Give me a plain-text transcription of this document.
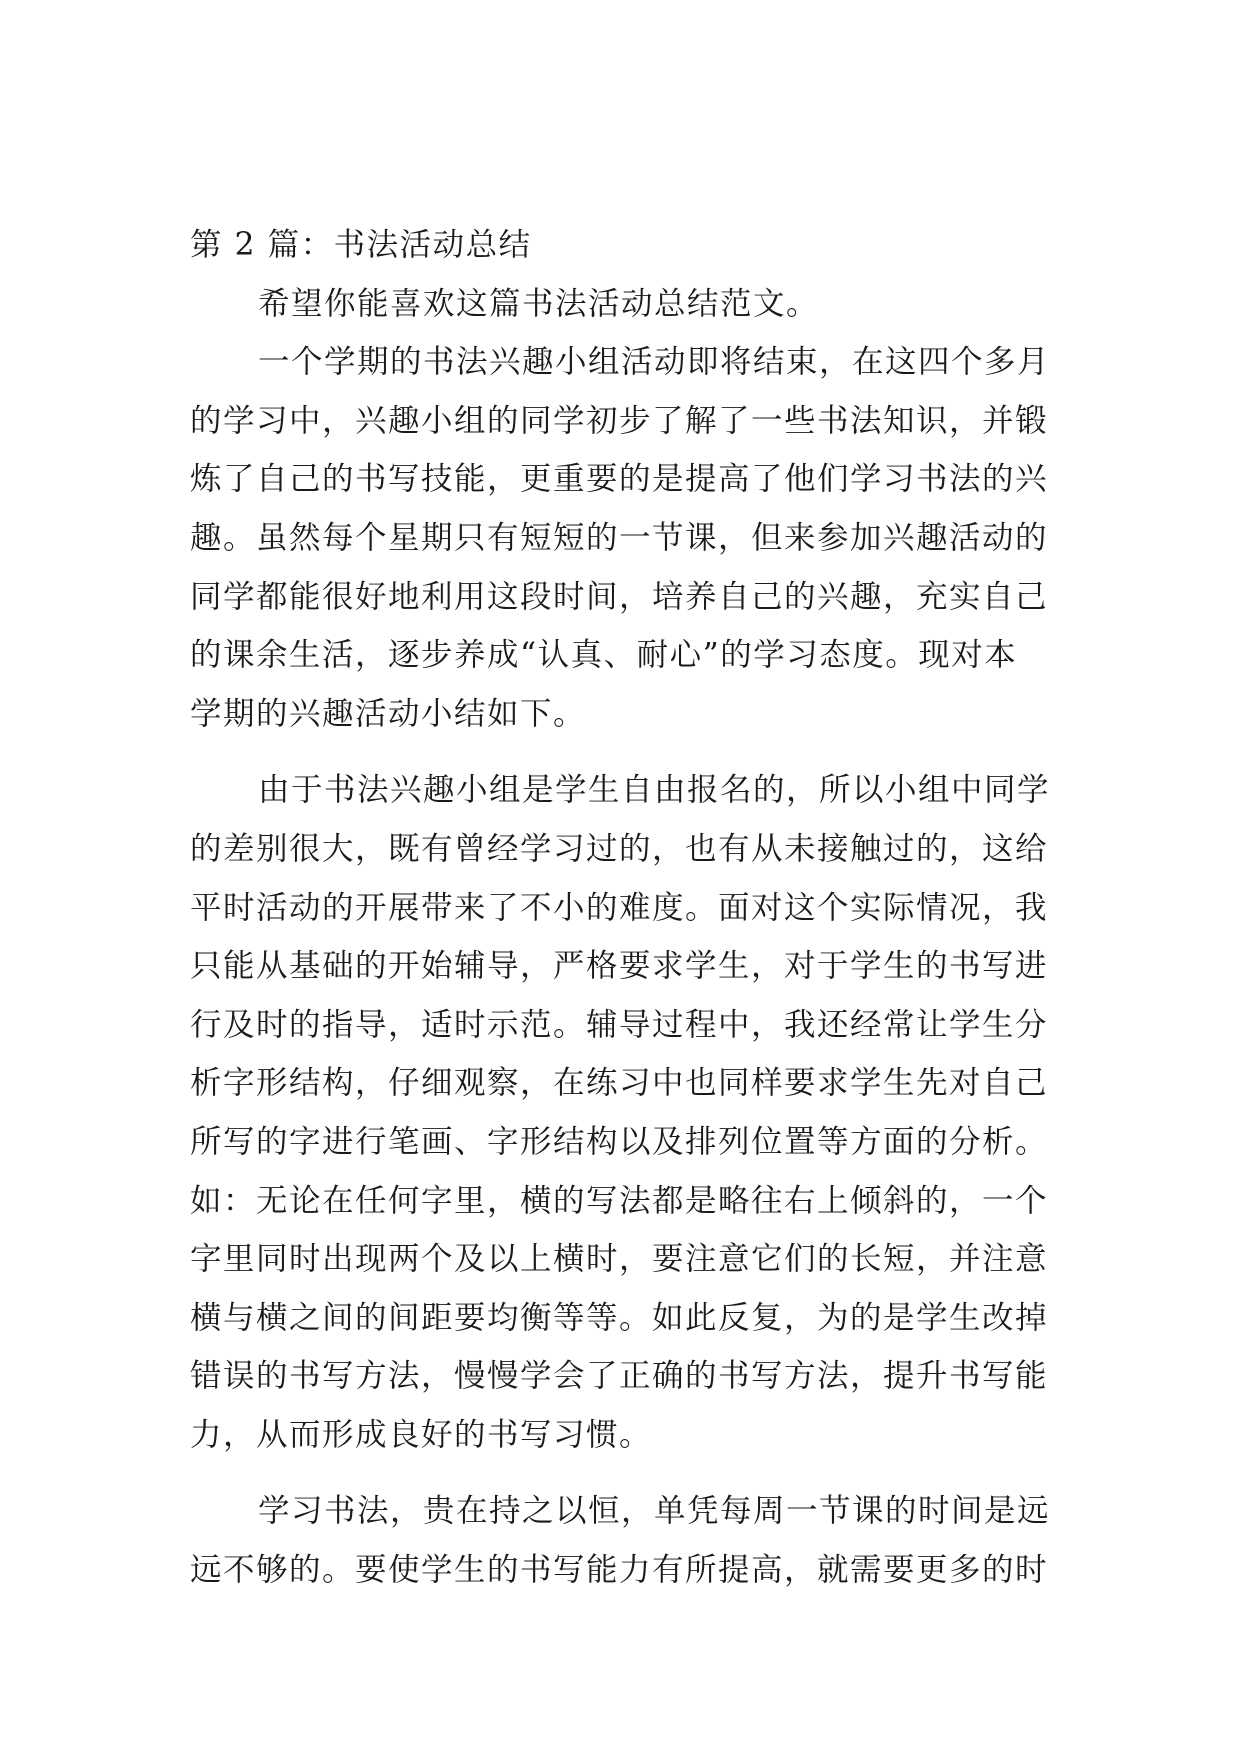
第 2 篇：书法活动总结
希望你能喜欢这篇书法活动总结范文。
一个学期的书法兴趣小组活动即将结束，在这四个多月
的学习中，兴趣小组的同学初步了解了一些书法知识，并锻
炼了自己的书写技能，更重要的是提高了他们学习书法的兴
趣。虽然每个星期只有短短的一节课，但来参加兴趣活动的
同学都能很好地利用这段时间，培养自己的兴趣，充实自己
的课余生活，逐步养成“认真、耐心”的学习态度。现对本
学期的兴趣活动小结如下。
由于书法兴趣小组是学生自由报名的，所以小组中同学
的差别很大，既有曾经学习过的，也有从未接触过的，这给
平时活动的开展带来了不小的难度。面对这个实际情况，我
只能从基础的开始辅导，严格要求学生，对于学生的书写进
行及时的指导，适时示范。辅导过程中，我还经常让学生分
析字形结构，仔细观察，在练习中也同样要求学生先对自己
所写的字进行笔画、字形结构以及排列位置等方面的分析。
如：无论在任何字里，横的写法都是略往右上倾斜的，一个
字里同时出现两个及以上横时，要注意它们的长短，并注意
横与横之间的间距要均衡等等。如此反复，为的是学生改掉
错误的书写方法，慢慢学会了正确的书写方法，提升书写能
力，从而形成良好的书写习惯。
学习书法，贵在持之以恒，单凭每周一节课的时间是远
远不够的。要使学生的书写能力有所提高，就需要更多的时
